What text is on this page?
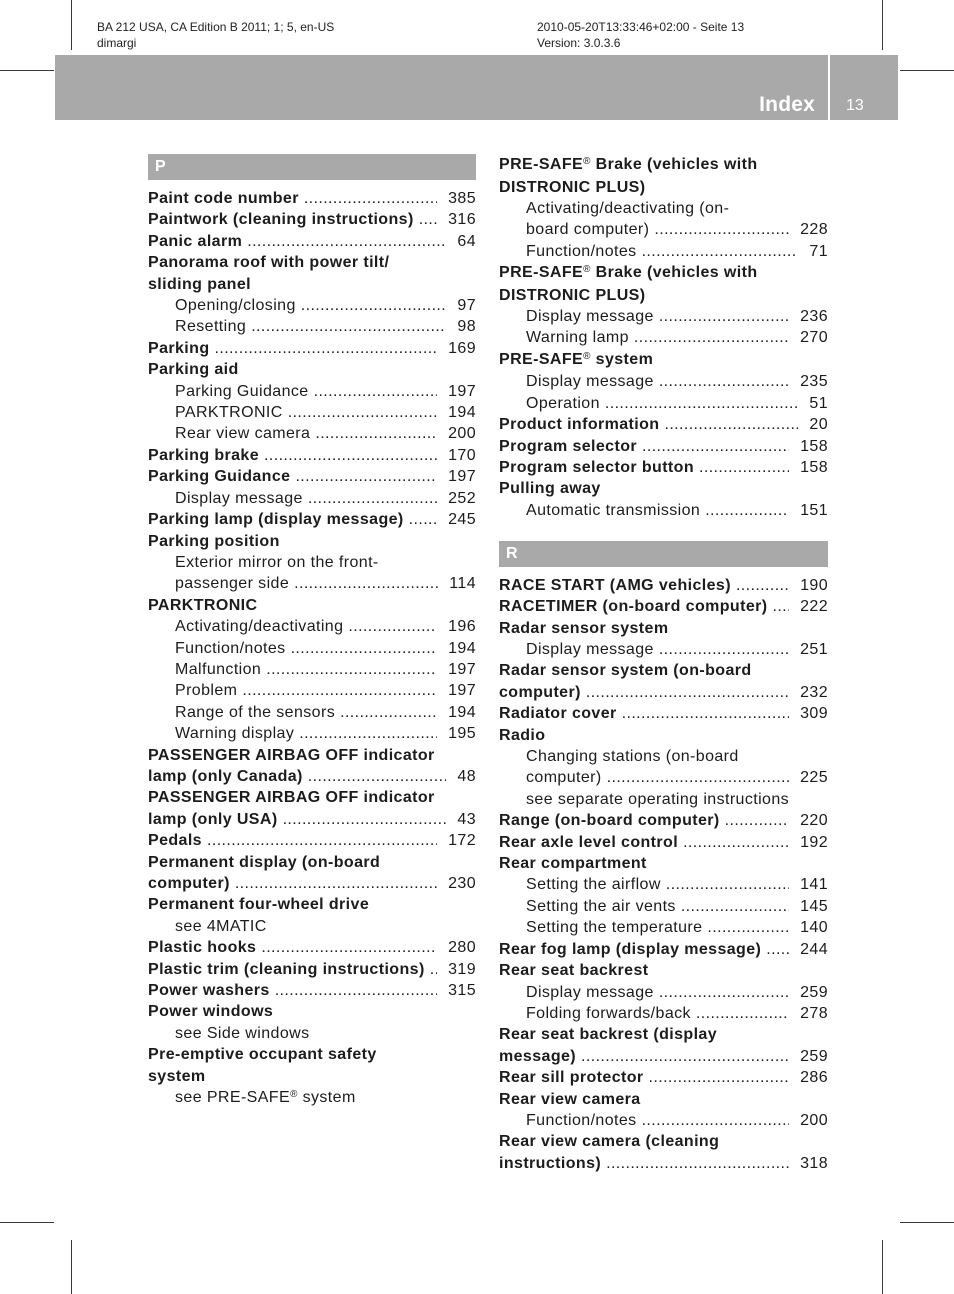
BA 212 USA, CA Edition B 2011; 1; 5, en-US
dimargi
2010-05-20T13:33:46+02:00 - Seite 13
Version: 3.0.3.6
Index 13
P
Paint code number .....	385
Paintwork (cleaning instructions) .....	316
Panic alarm .....	64
Panorama roof with power tilt/
sliding panel
Opening/closing .....	97
Resetting .....	98
Parking .....	169
Parking aid
Parking Guidance .....	197
PARKTRONIC .....	194
Rear view camera .....	200
Parking brake .....	170
Parking Guidance .....	197
Display message .....	252
Parking lamp (display message) .....	245
Parking position
Exterior mirror on the front-
passenger side .....	114
PARKTRONIC
Activating/deactivating .....	196
Function/notes .....	194
Malfunction .....	197
Problem .....	197
Range of the sensors .....	194
Warning display .....	195
PASSENGER AIRBAG OFF indicator
lamp (only Canada) .....	48
PASSENGER AIRBAG OFF indicator
lamp (only USA) .....	43
Pedals .....	172
Permanent display (on-board
computer) .....	230
Permanent four-wheel drive
see 4MATIC
Plastic hooks .....	280
Plastic trim (cleaning instructions) .....	319
Power washers .....	315
Power windows
see Side windows
Pre-emptive occupant safety
system
see PRE-SAFE® system
PRE-SAFE® Brake (vehicles with
DISTRONIC PLUS)
Activating/deactivating (on-
board computer) .....	228
Function/notes .....	71
PRE-SAFE® Brake (vehicles with
DISTRONIC PLUS)
Display message .....	236
Warning lamp .....	270
PRE-SAFE® system
Display message .....	235
Operation .....	51
Product information .....	20
Program selector .....	158
Program selector button .....	158
Pulling away
Automatic transmission .....	151
R
RACE START (AMG vehicles) .....	190
RACETIMER (on-board computer) .....	222
Radar sensor system
Display message .....	251
Radar sensor system (on-board
computer) .....	232
Radiator cover .....	309
Radio
Changing stations (on-board
computer) .....	225
see separate operating instructions
Range (on-board computer) .....	220
Rear axle level control .....	192
Rear compartment
Setting the airflow .....	141
Setting the air vents .....	145
Setting the temperature .....	140
Rear fog lamp (display message) .....	244
Rear seat backrest
Display message .....	259
Folding forwards/back .....	278
Rear seat backrest (display
message) .....	259
Rear sill protector .....	286
Rear view camera
Function/notes .....	200
Rear view camera (cleaning
instructions) .....	318
